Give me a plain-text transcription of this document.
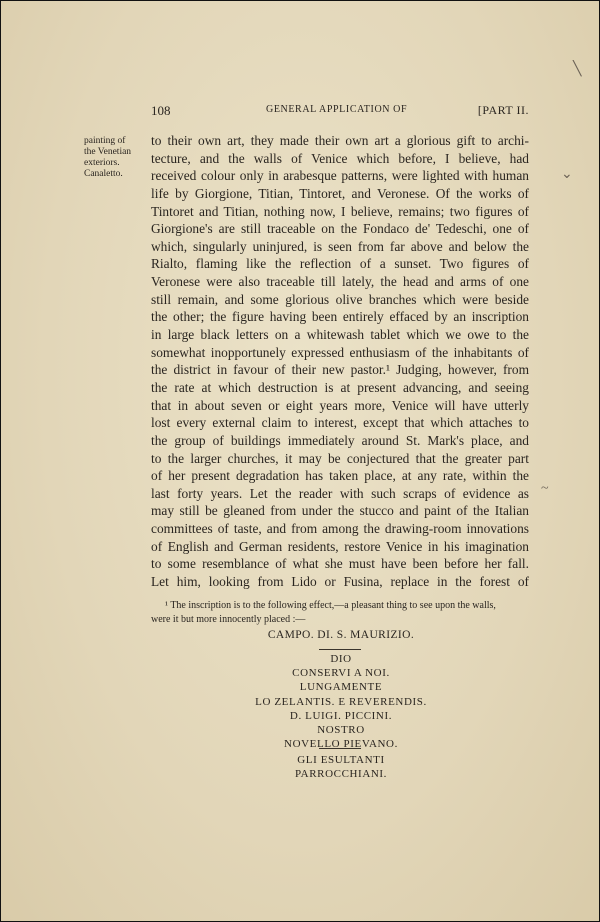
108	GENERAL APPLICATION OF	[PART II.
painting of
the Venetian
exteriors.
Canaletto.
to their own art, they made their own art a glorious gift to archi-
tecture, and the walls of Venice which before, I believe, had
received colour only in arabesque patterns, were lighted with human
life by Giorgione, Titian, Tintoret, and Veronese. Of the works of
Tintoret and Titian, nothing now, I believe, remains; two figures of
Giorgione's are still traceable on the Fondaco de' Tedeschi, one of
which, singularly uninjured, is seen from far above and below the
Rialto, flaming like the reflection of a sunset. Two figures of
Veronese were also traceable till lately, the head and arms of one
still remain, and some glorious olive branches which were beside
the other; the figure having been entirely effaced by an inscription
in large black letters on a whitewash tablet which we owe to the
somewhat inopportunely expressed enthusiasm of the inhabitants of
the district in favour of their new pastor.¹ Judging, however, from
the rate at which destruction is at present advancing, and seeing
that in about seven or eight years more, Venice will have utterly
lost every external claim to interest, except that which attaches to
the group of buildings immediately around St. Mark's place, and
to the larger churches, it may be conjectured that the greater part
of her present degradation has taken place, at any rate, within the
last forty years. Let the reader with such scraps of evidence as
may still be gleaned from under the stucco and paint of the Italian
committees of taste, and from among the drawing-room innovations
of English and German residents, restore Venice in his imagination
to some resemblance of what she must have been before her fall.
Let him, looking from Lido or Fusina, replace in the forest of
¹ The inscription is to the following effect,—a pleasant thing to see upon the walls,
were it but more innocently placed :—
CAMPO. DI. S. MAURIZIO.
DIO
CONSERVI A NOI.
LUNGAMENTE
LO ZELANTIS. E REVERENDIS.
D. LUIGI. PICCINI.
NOSTRO
NOVELLO PIEVANO.
GLI ESULTANTI
PARROCCHIANI.
╲
⌄
~
